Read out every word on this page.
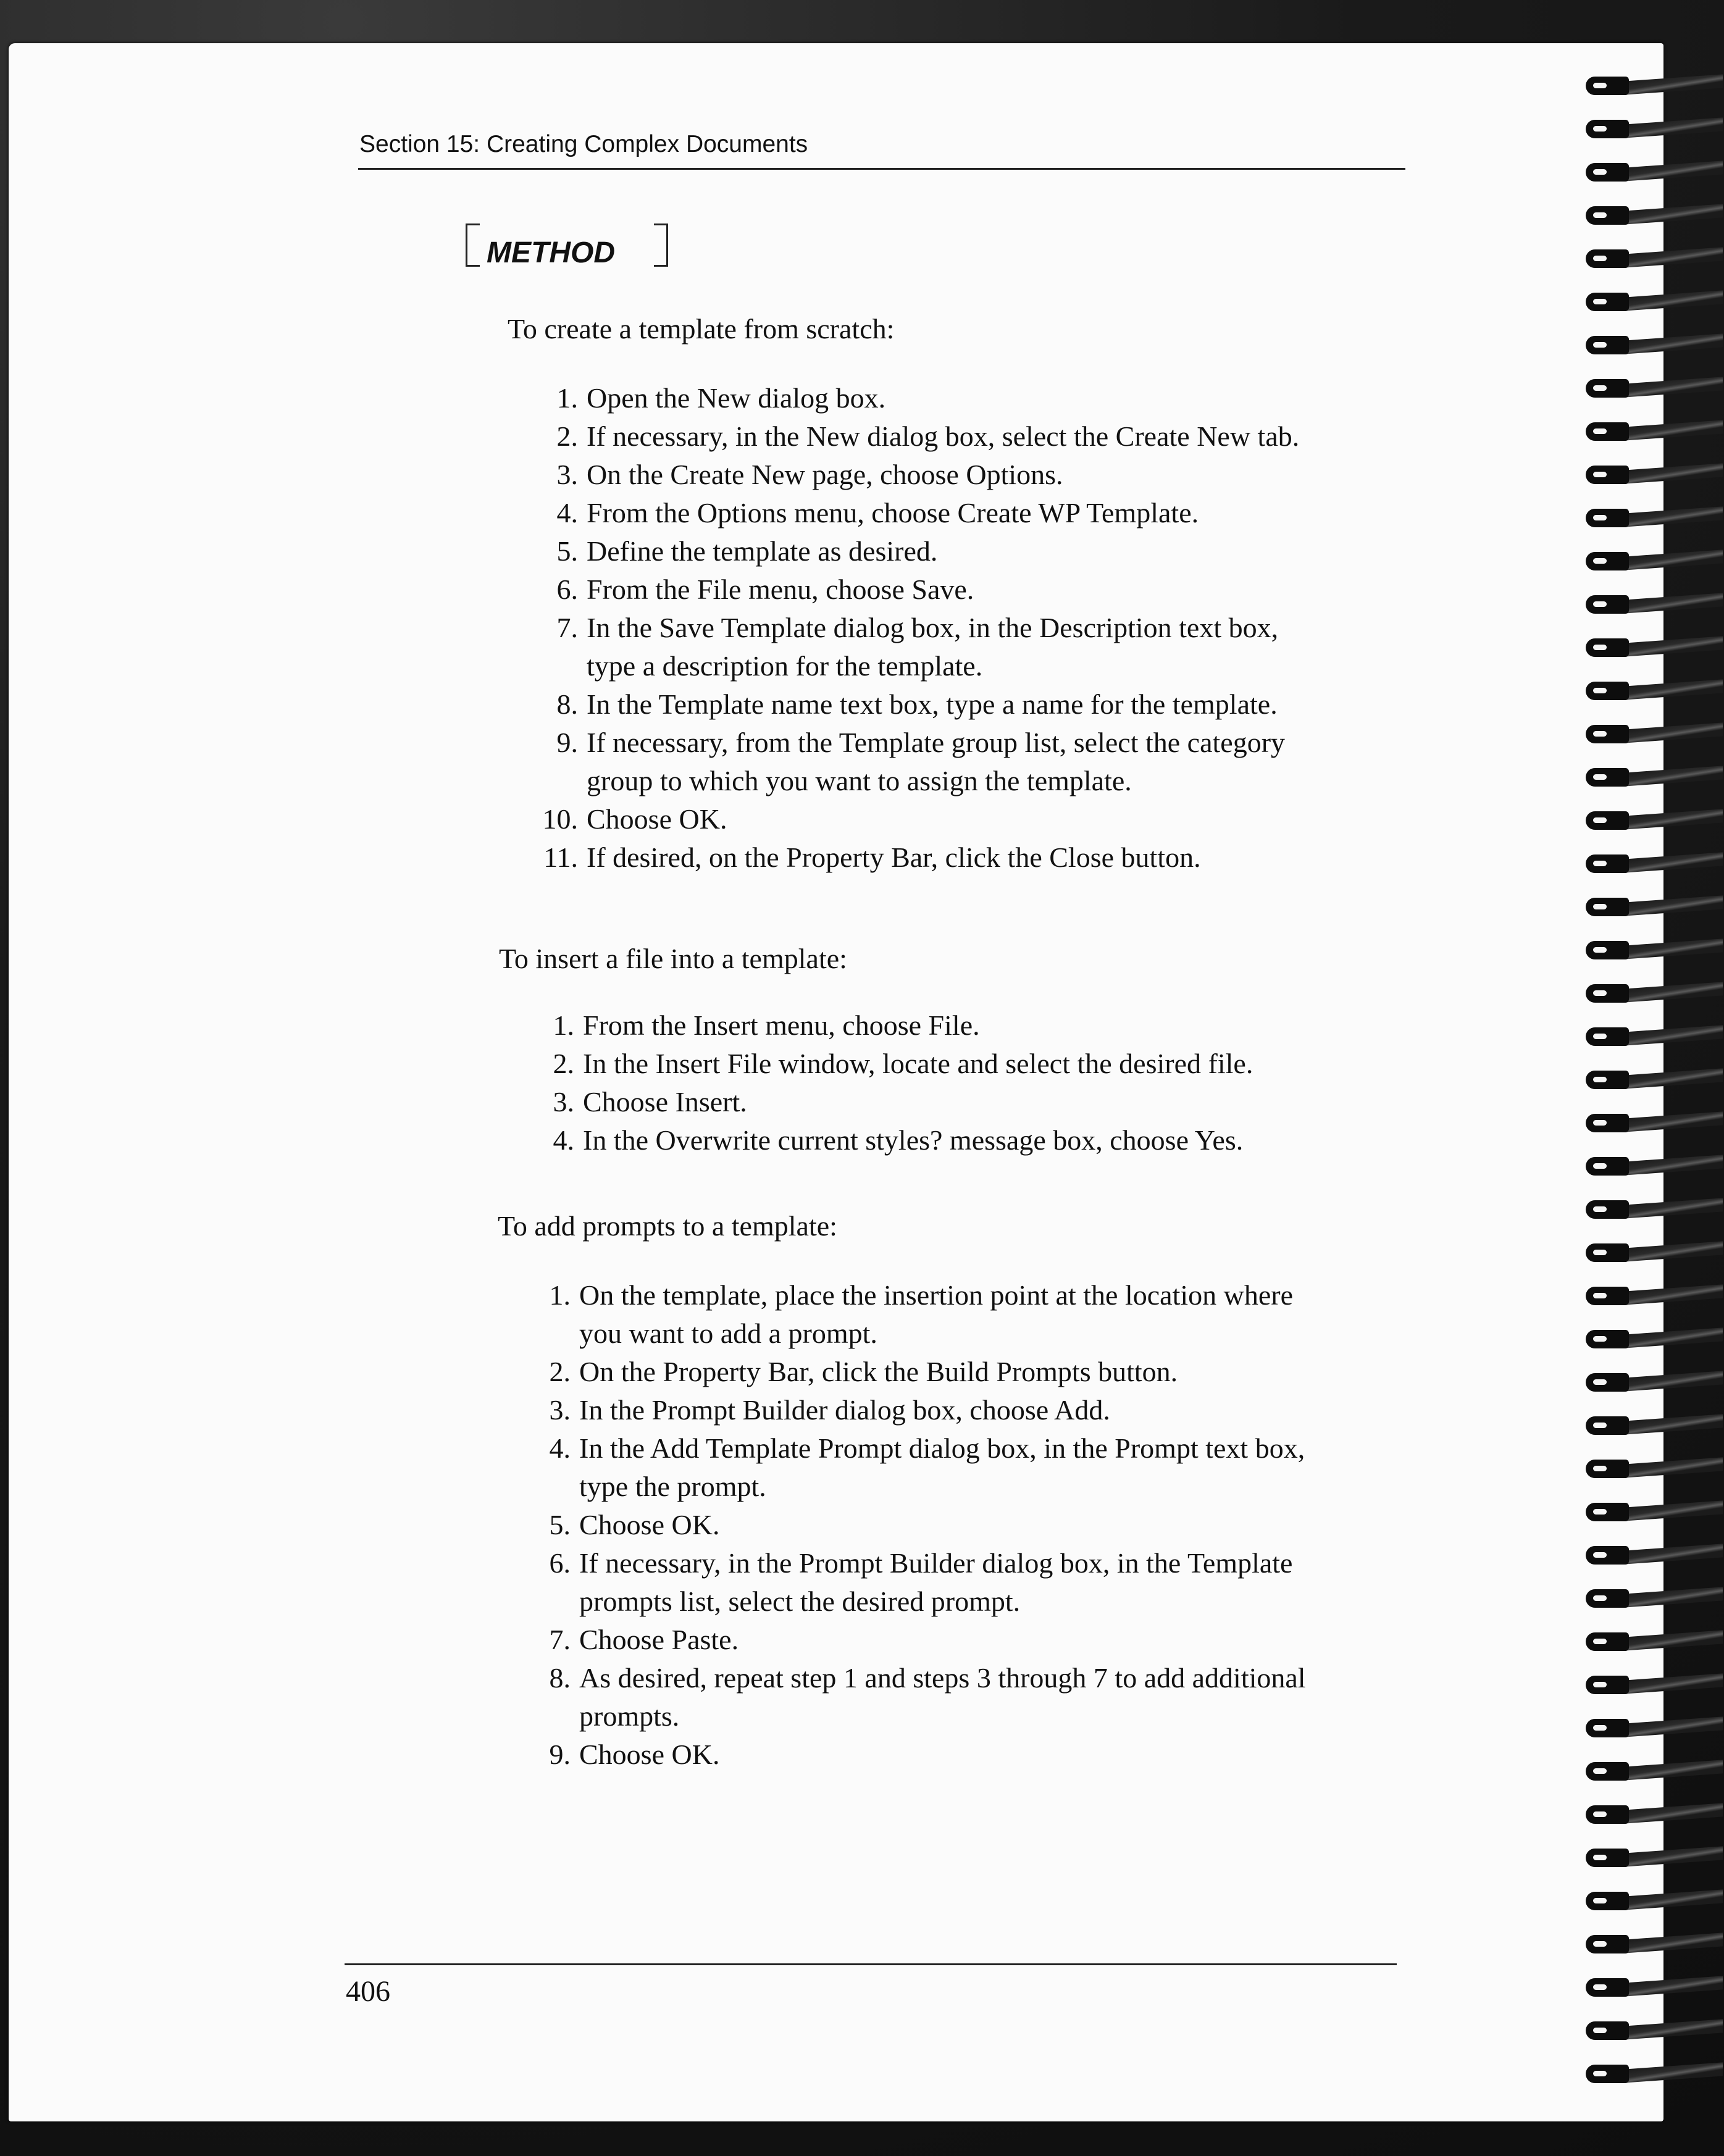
Section 15: Creating Complex Documents

METHOD

To create a template from scratch:

1. Open the New dialog box.
2. If necessary, in the New dialog box, select the Create New tab.
3. On the Create New page, choose Options.
4. From the Options menu, choose Create WP Template.
5. Define the template as desired.
6. From the File menu, choose Save.
7. In the Save Template dialog box, in the Description text box,
type a description for the template.
8. In the Template name text box, type a name for the template.
9. If necessary, from the Template group list, select the category
group to which you want to assign the template.
10. Choose OK.
11. If desired, on the Property Bar, click the Close button.

To insert a file into a template:

1. From the Insert menu, choose File.
2. In the Insert File window, locate and select the desired file.
3. Choose Insert.
4. In the Overwrite current styles? message box, choose Yes.

To add prompts to a template:

1. On the template, place the insertion point at the location where
you want to add a prompt.
2. On the Property Bar, click the Build Prompts button.
3. In the Prompt Builder dialog box, choose Add.
4. In the Add Template Prompt dialog box, in the Prompt text box,
type the prompt.
5. Choose OK.
6. If necessary, in the Prompt Builder dialog box, in the Template
prompts list, select the desired prompt.
7. Choose Paste.
8. As desired, repeat step 1 and steps 3 through 7 to add additional
prompts.
9. Choose OK.

406
